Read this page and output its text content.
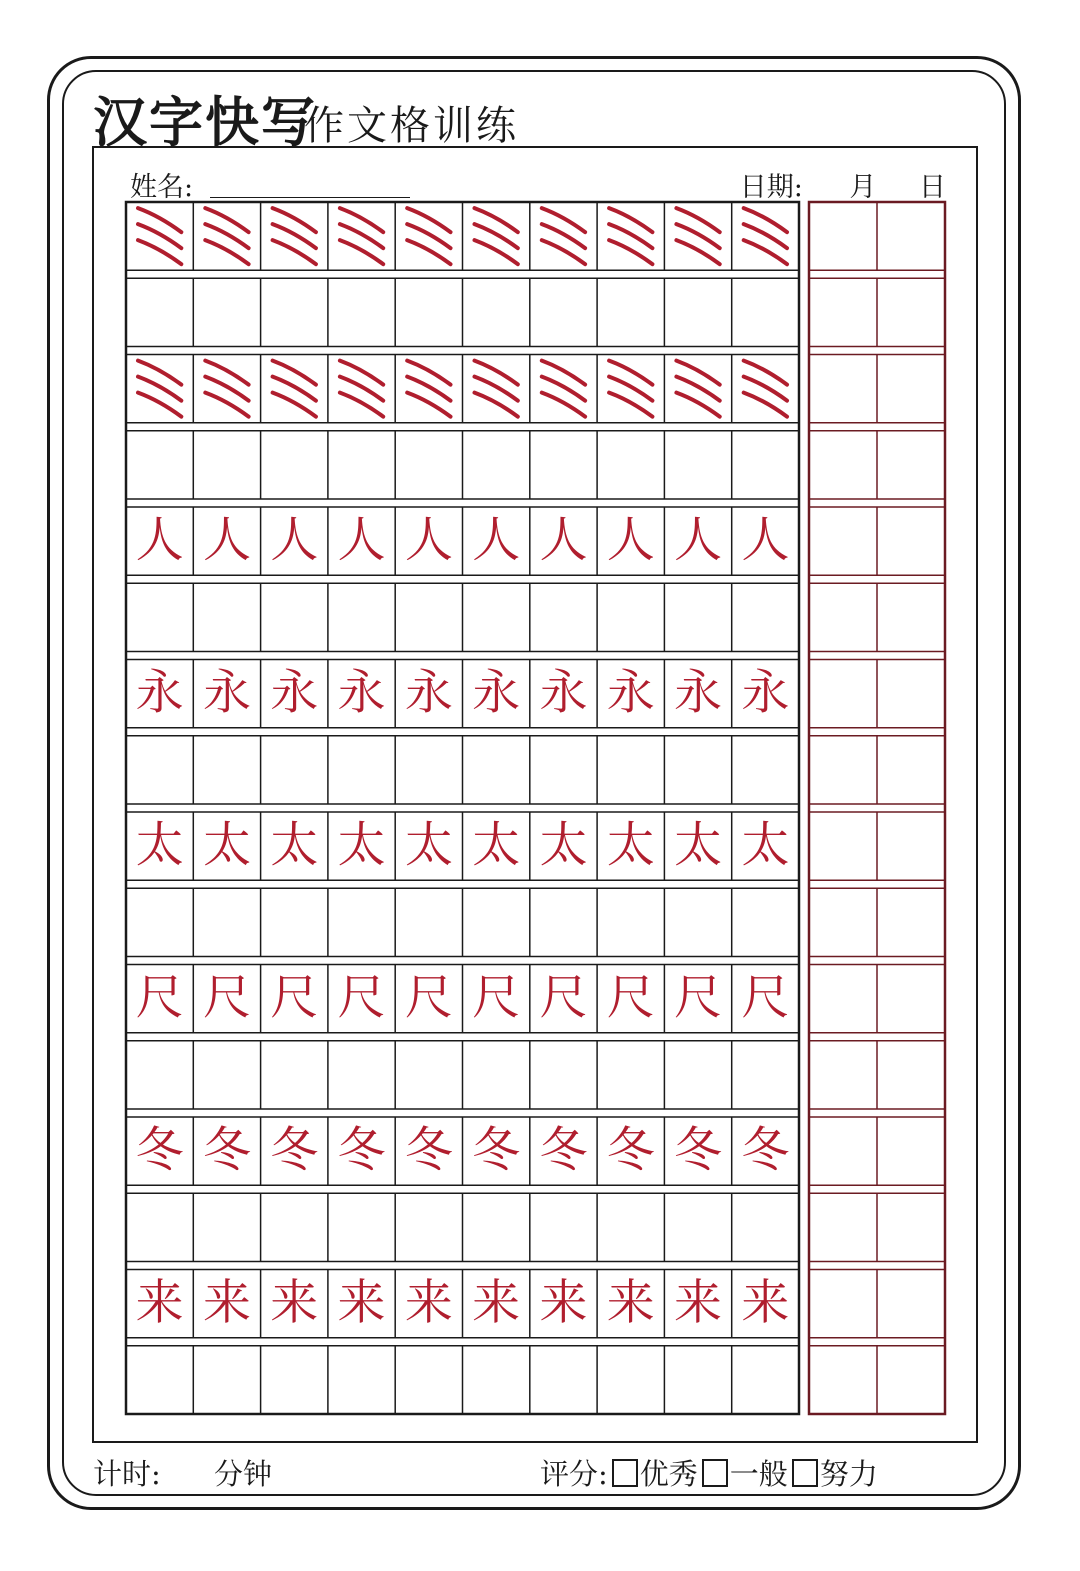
汉字快写
作文格训练
姓名:	日期: 月 日
人 人 人 人 人 人 人 人 人 人
永 永 永 永 永 永 永 永 永 永
太 太 太 太 太 太 太 太 太 太
尺 尺 尺 尺 尺 尺 尺 尺 尺 尺
冬 冬 冬 冬 冬 冬 冬 冬 冬 冬
来 来 来 来 来 来 来 来 来 来
计时: 分钟	评分: 优秀 一般 努力
